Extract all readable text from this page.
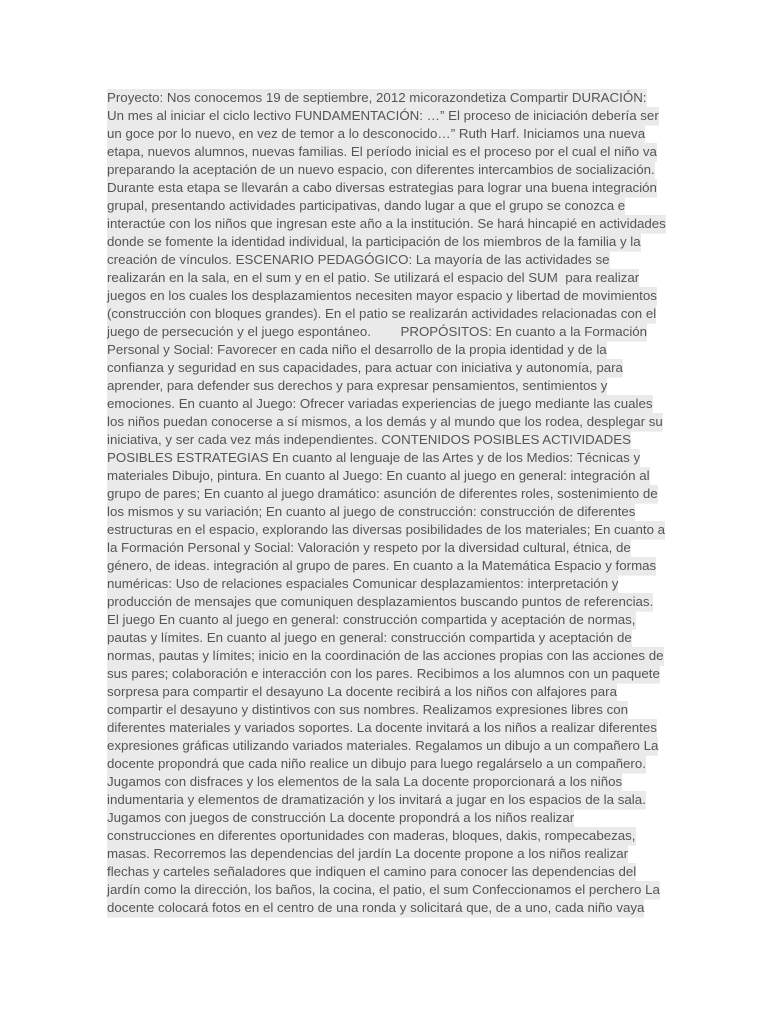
Proyecto: Nos conocemos 19 de septiembre, 2012 micorazondetiza Compartir DURACIÓN:
Un mes al iniciar el ciclo lectivo FUNDAMENTACIÓN: …” El proceso de iniciación debería ser
un goce por lo nuevo, en vez de temor a lo desconocido…” Ruth Harf. Iniciamos una nueva
etapa, nuevos alumnos, nuevas familias. El período inicial es el proceso por el cual el niño va
preparando la aceptación de un nuevo espacio, con diferentes intercambios de socialización.
Durante esta etapa se llevarán a cabo diversas estrategias para lograr una buena integración
grupal, presentando actividades participativas, dando lugar a que el grupo se conozca e
interactúe con los niños que ingresan este año a la institución. Se hará hincapié en actividades
donde se fomente la identidad individual, la participación de los miembros de la familia y la
creación de vínculos. ESCENARIO PEDAGÓGICO: La mayoría de las actividades se
realizarán en la sala, en el sum y en el patio. Se utilizará el espacio del SUM  para realizar
juegos en los cuales los desplazamientos necesiten mayor espacio y libertad de movimientos
(construcción con bloques grandes). En el patio se realizarán actividades relacionadas con el
juego de persecución y el juego espontáneo.        PROPÓSITOS: En cuanto a la Formación
Personal y Social: Favorecer en cada niño el desarrollo de la propia identidad y de la
confianza y seguridad en sus capacidades, para actuar con iniciativa y autonomía, para
aprender, para defender sus derechos y para expresar pensamientos, sentimientos y
emociones. En cuanto al Juego: Ofrecer variadas experiencias de juego mediante las cuales
los niños puedan conocerse a sí mismos, a los demás y al mundo que los rodea, desplegar su
iniciativa, y ser cada vez más independientes. CONTENIDOS POSIBLES ACTIVIDADES
POSIBLES ESTRATEGIAS En cuanto al lenguaje de las Artes y de los Medios: Técnicas y
materiales Dibujo, pintura. En cuanto al Juego: En cuanto al juego en general: integración al
grupo de pares; En cuanto al juego dramático: asunción de diferentes roles, sostenimiento de
los mismos y su variación; En cuanto al juego de construcción: construcción de diferentes
estructuras en el espacio, explorando las diversas posibilidades de los materiales; En cuanto a
la Formación Personal y Social: Valoración y respeto por la diversidad cultural, étnica, de
género, de ideas. integración al grupo de pares. En cuanto a la Matemática Espacio y formas
numéricas: Uso de relaciones espaciales Comunicar desplazamientos: interpretación y
producción de mensajes que comuniquen desplazamientos buscando puntos de referencias.
El juego En cuanto al juego en general: construcción compartida y aceptación de normas,
pautas y límites. En cuanto al juego en general: construcción compartida y aceptación de
normas, pautas y límites; inicio en la coordinación de las acciones propias con las acciones de
sus pares; colaboración e interacción con los pares. Recibimos a los alumnos con un paquete
sorpresa para compartir el desayuno La docente recibirá a los niños con alfajores para
compartir el desayuno y distintivos con sus nombres. Realizamos expresiones libres con
diferentes materiales y variados soportes. La docente invitará a los niños a realizar diferentes
expresiones gráficas utilizando variados materiales. Regalamos un dibujo a un compañero La
docente propondrá que cada niño realice un dibujo para luego regalárselo a un compañero.
Jugamos con disfraces y los elementos de la sala La docente proporcionará a los niños
indumentaria y elementos de dramatización y los invitará a jugar en los espacios de la sala.
Jugamos con juegos de construcción La docente propondrá a los niños realizar
construcciones en diferentes oportunidades con maderas, bloques, dakis, rompecabezas,
masas. Recorremos las dependencias del jardín La docente propone a los niños realizar
flechas y carteles señaladores que indiquen el camino para conocer las dependencias del
jardín como la dirección, los baños, la cocina, el patio, el sum Confeccionamos el perchero La
docente colocará fotos en el centro de una ronda y solicitará que, de a uno, cada niño vaya
